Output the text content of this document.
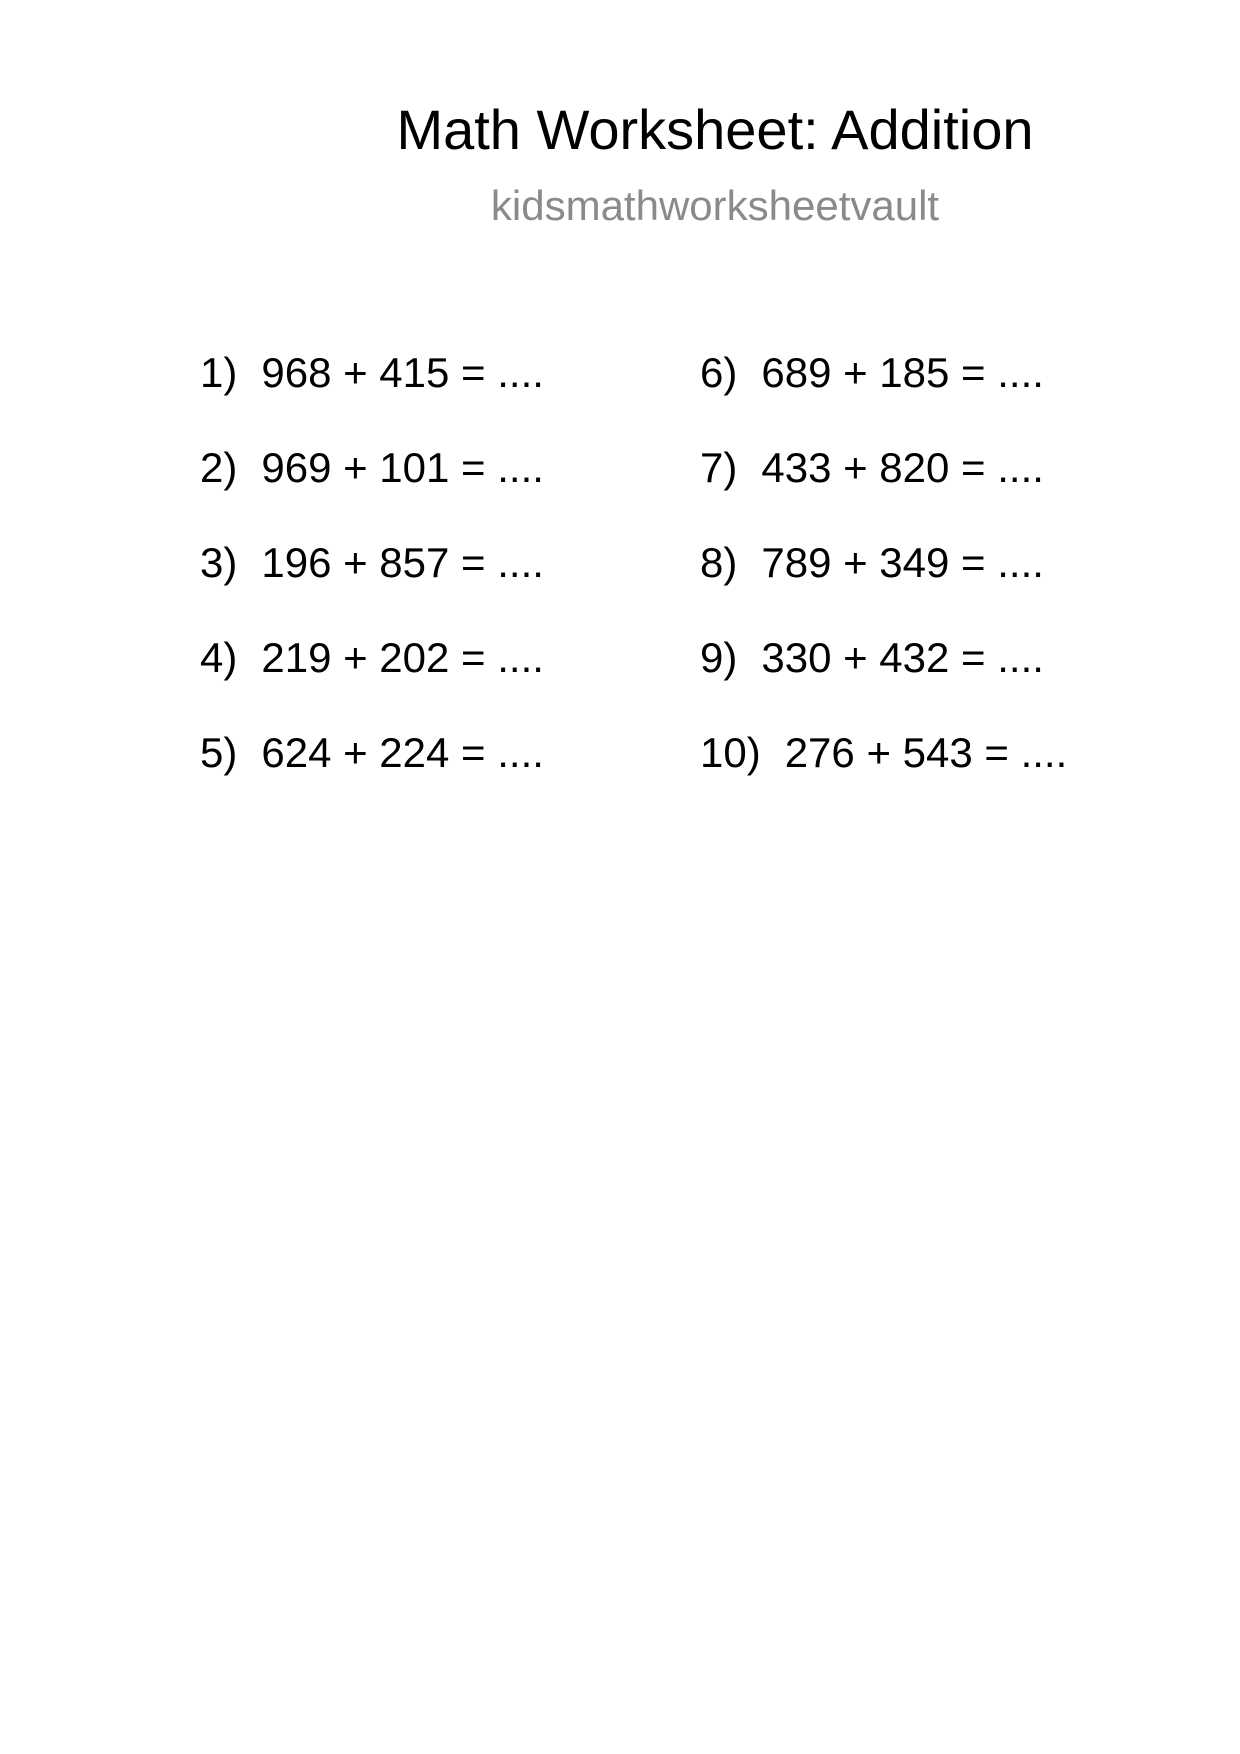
Math Worksheet: Addition
kidsmathworksheetvault
1) 968 + 415 = ....
2) 969 + 101 = ....
3) 196 + 857 = ....
4) 219 + 202 = ....
5) 624 + 224 = ....
6) 689 + 185 = ....
7) 433 + 820 = ....
8) 789 + 349 = ....
9) 330 + 432 = ....
10) 276 + 543 = ....
